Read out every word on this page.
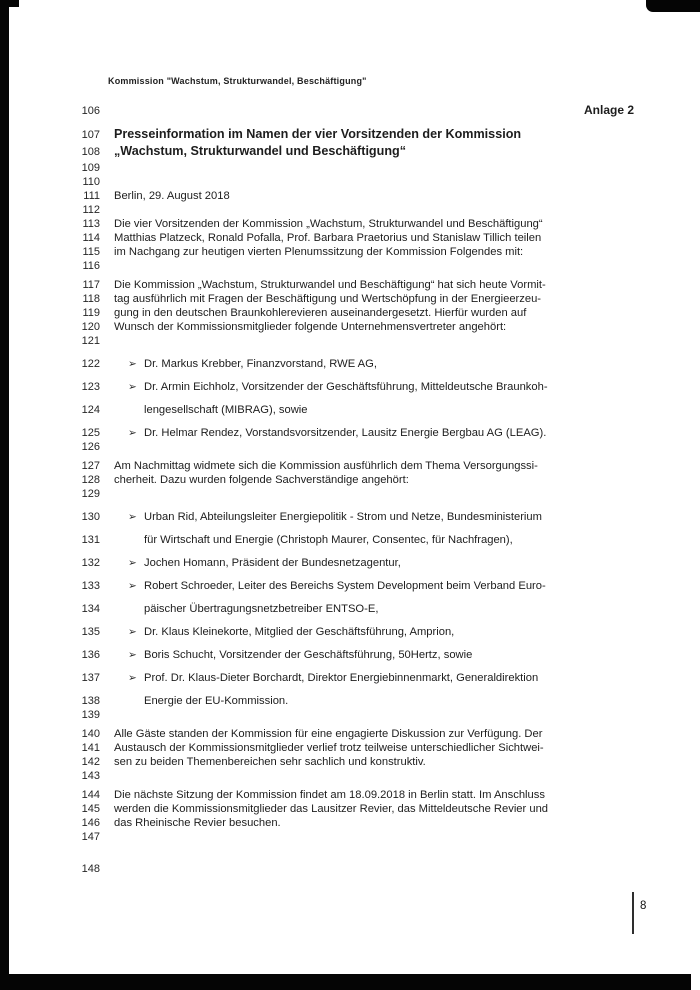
Kommission "Wachstum, Strukturwandel, Beschäftigung"
106	Anlage 2
107 Presseinformation im Namen der vier Vorsitzenden der Kommission
108 „Wachstum, Strukturwandel und Beschäftigung“
109
110
111 Berlin, 29. August 2018
112
113 Die vier Vorsitzenden der Kommission „Wachstum, Strukturwandel und Beschäftigung“
114 Matthias Platzeck, Ronald Pofalla, Prof. Barbara Praetorius und Stanislaw Tillich teilen
115 im Nachgang zur heutigen vierten Plenumssitzung der Kommission Folgendes mit:
116
117 Die Kommission „Wachstum, Strukturwandel und Beschäftigung“ hat sich heute Vormit-
118 tag ausführlich mit Fragen der Beschäftigung und Wertschöpfung in der Energieerzeu-
119 gung in den deutschen Braunkohlerevieren auseinandergesetzt. Hierfür wurden auf
120 Wunsch der Kommissionsmitglieder folgende Unternehmensvertreter angehört:
121
122	➢ Dr. Markus Krebber, Finanzvorstand, RWE AG,
123	➢ Dr. Armin Eichholz, Vorsitzender der Geschäftsführung, Mitteldeutsche Braunkoh-
124	lengesellschaft (MIBRAG), sowie
125	➢ Dr. Helmar Rendez, Vorstandsvorsitzender, Lausitz Energie Bergbau AG (LEAG).
126
127 Am Nachmittag widmete sich die Kommission ausführlich dem Thema Versorgungssi-
128 cherheit. Dazu wurden folgende Sachverständige angehört:
129
130	➢ Urban Rid, Abteilungsleiter Energiepolitik - Strom und Netze, Bundesministerium
131	für Wirtschaft und Energie (Christoph Maurer, Consentec, für Nachfragen),
132	➢ Jochen Homann, Präsident der Bundesnetzagentur,
133	➢ Robert Schroeder, Leiter des Bereichs System Development beim Verband Euro-
134	päischer Übertragungsnetzbetreiber ENTSO-E,
135	➢ Dr. Klaus Kleinekorte, Mitglied der Geschäftsführung, Amprion,
136	➢ Boris Schucht, Vorsitzender der Geschäftsführung, 50Hertz, sowie
137	➢ Prof. Dr. Klaus-Dieter Borchardt, Direktor Energiebinnenmarkt, Generaldirektion
138	Energie der EU-Kommission.
139
140 Alle Gäste standen der Kommission für eine engagierte Diskussion zur Verfügung. Der
141 Austausch der Kommissionsmitglieder verlief trotz teilweise unterschiedlicher Sichtwei-
142 sen zu beiden Themenbereichen sehr sachlich und konstruktiv.
143
144 Die nächste Sitzung der Kommission findet am 18.09.2018 in Berlin statt. Im Anschluss
145 werden die Kommissionsmitglieder das Lausitzer Revier, das Mitteldeutsche Revier und
146 das Rheinische Revier besuchen.
147
148
8
